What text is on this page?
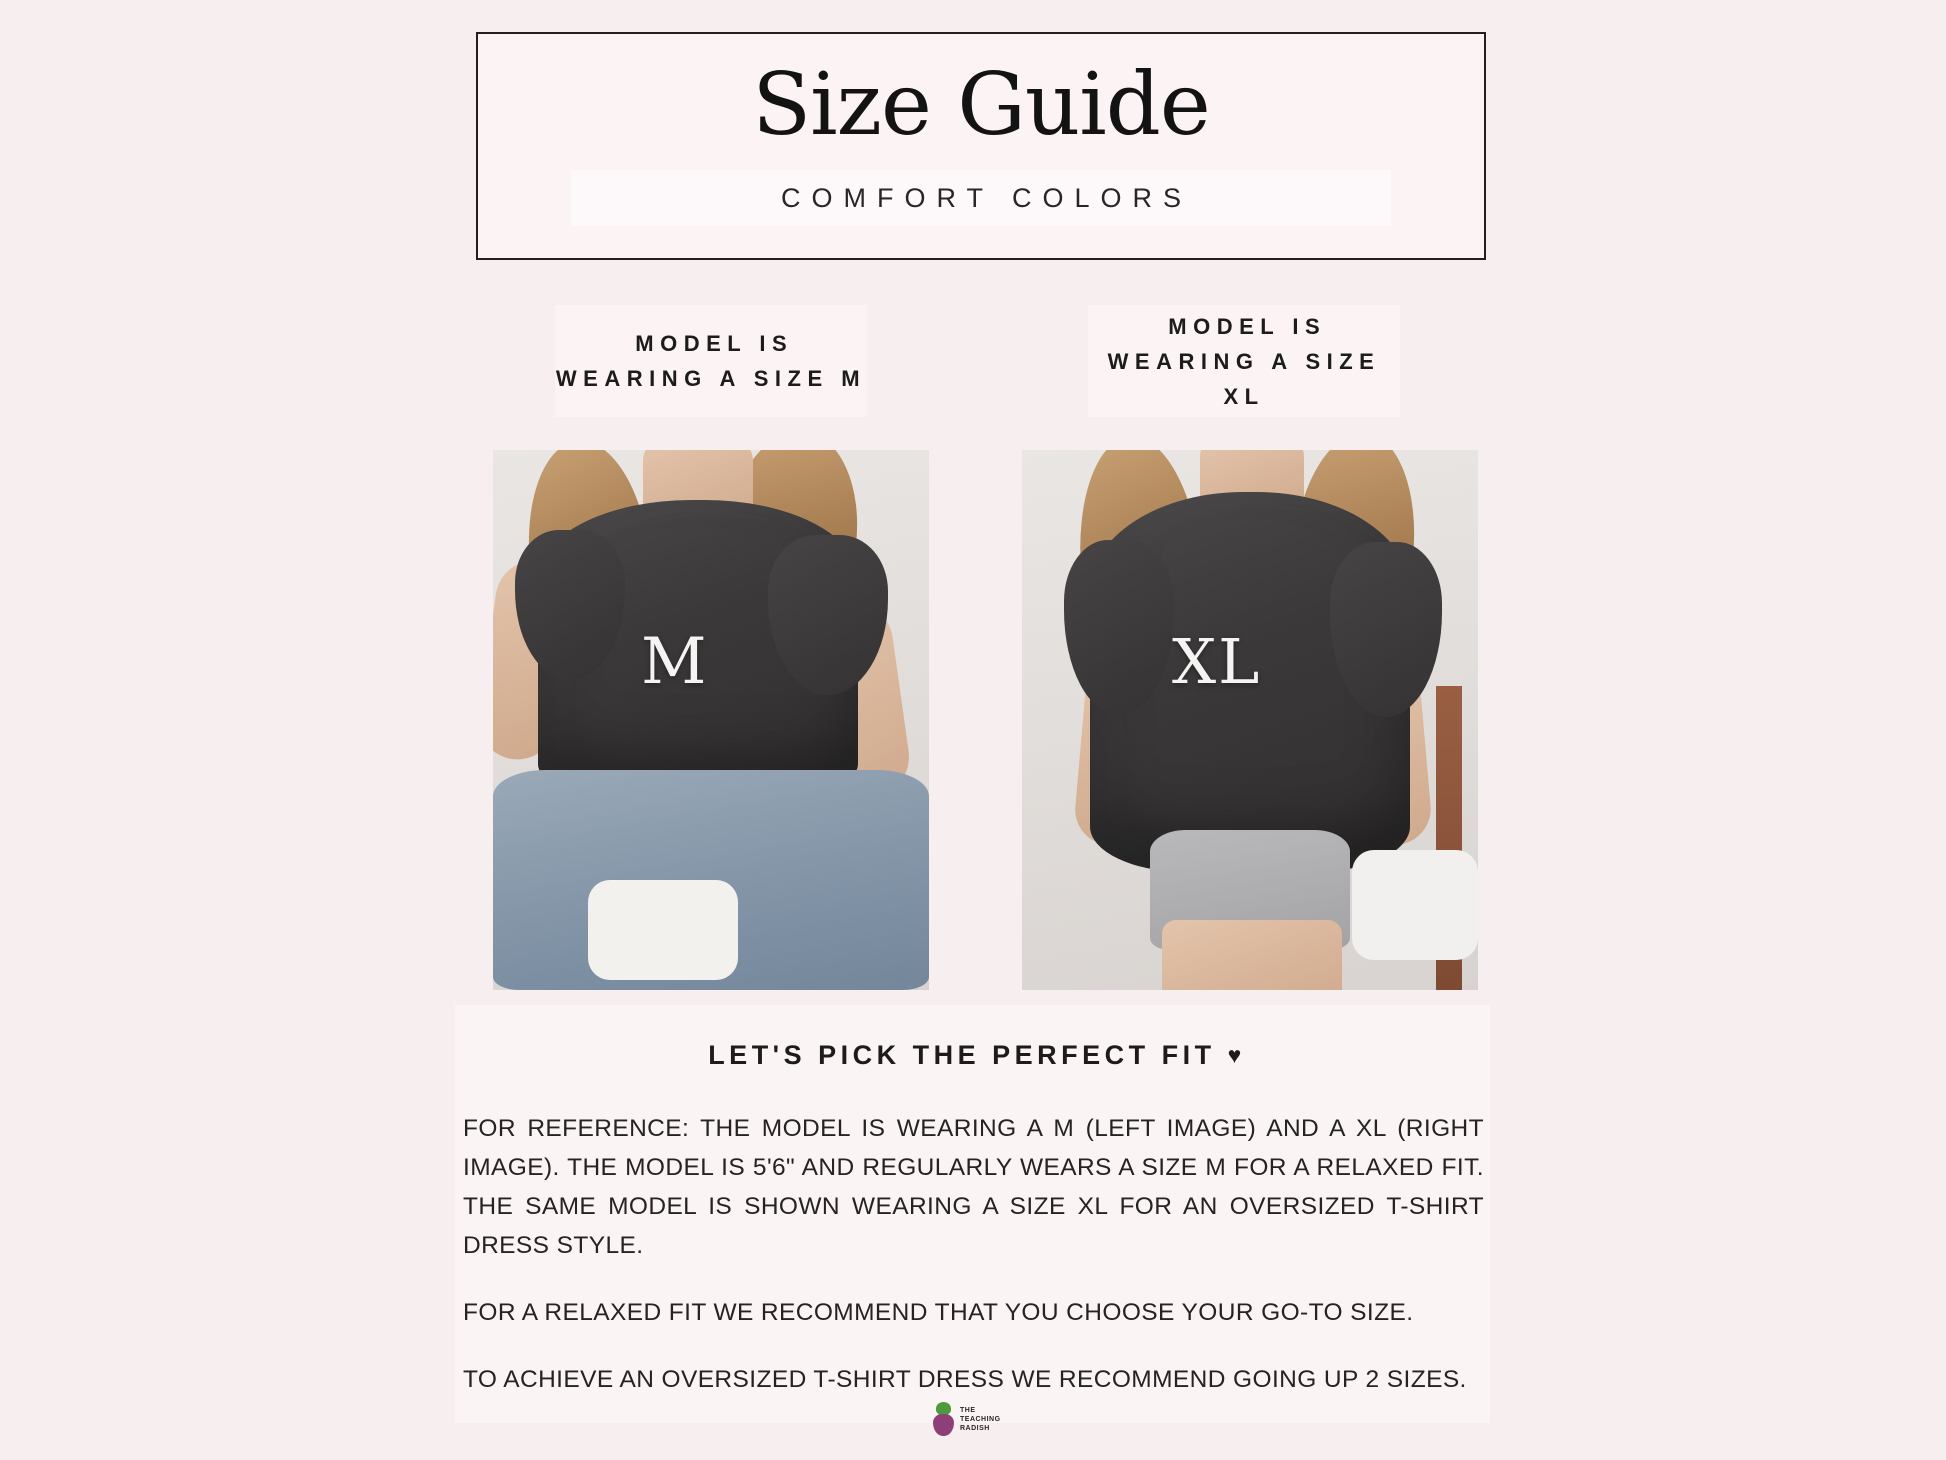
Size Guide
COMFORT COLORS
MODEL IS WEARING A SIZE M
MODEL IS WEARING A SIZE XL
M	XL
LET'S PICK THE PERFECT FIT ♥

FOR REFERENCE: THE MODEL IS WEARING A M (LEFT IMAGE) AND A XL (RIGHT IMAGE). THE MODEL IS 5'6" AND REGULARLY WEARS A SIZE M FOR A RELAXED FIT. THE SAME MODEL IS SHOWN WEARING A SIZE XL FOR AN OVERSIZED T-SHIRT DRESS STYLE.

FOR A RELAXED FIT WE RECOMMEND THAT YOU CHOOSE YOUR GO-TO SIZE.

TO ACHIEVE AN OVERSIZED T-SHIRT DRESS WE RECOMMEND GOING UP 2 SIZES.

THE
TEACHING
RADISH
